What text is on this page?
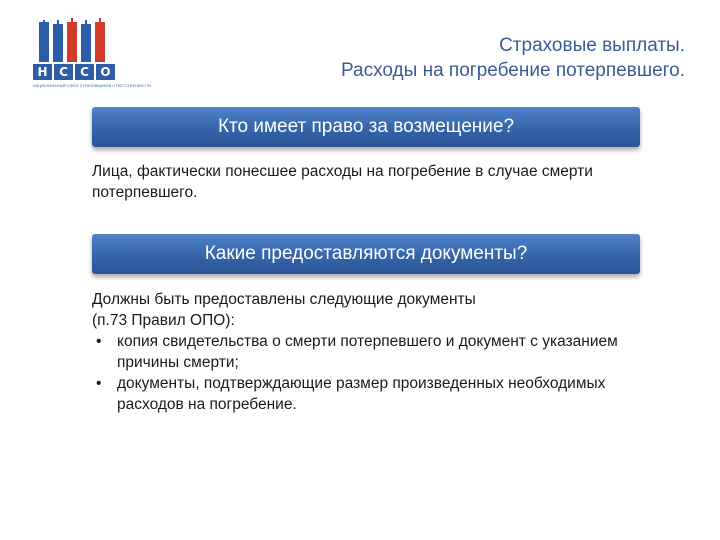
Н С	С О
НАЦИОНАЛЬНЫЙ СОЮЗ СТРАХОВЩИКОВ ОТВЕТСТВЕННОСТИ
Страховые выплаты.
Расходы на погребение потерпевшего.
Кто имеет право за возмещение?
Лица, фактически понесшее расходы на погребение в случае смерти потерпевшего.
Какие предоставляются документы?
Должны быть предоставлены следующие документы
(п.73 Правил ОПО):
• копия свидетельства о смерти потерпевшего и документ с указанием причины смерти;
• документы, подтверждающие размер произведенных необходимых расходов на погребение.
